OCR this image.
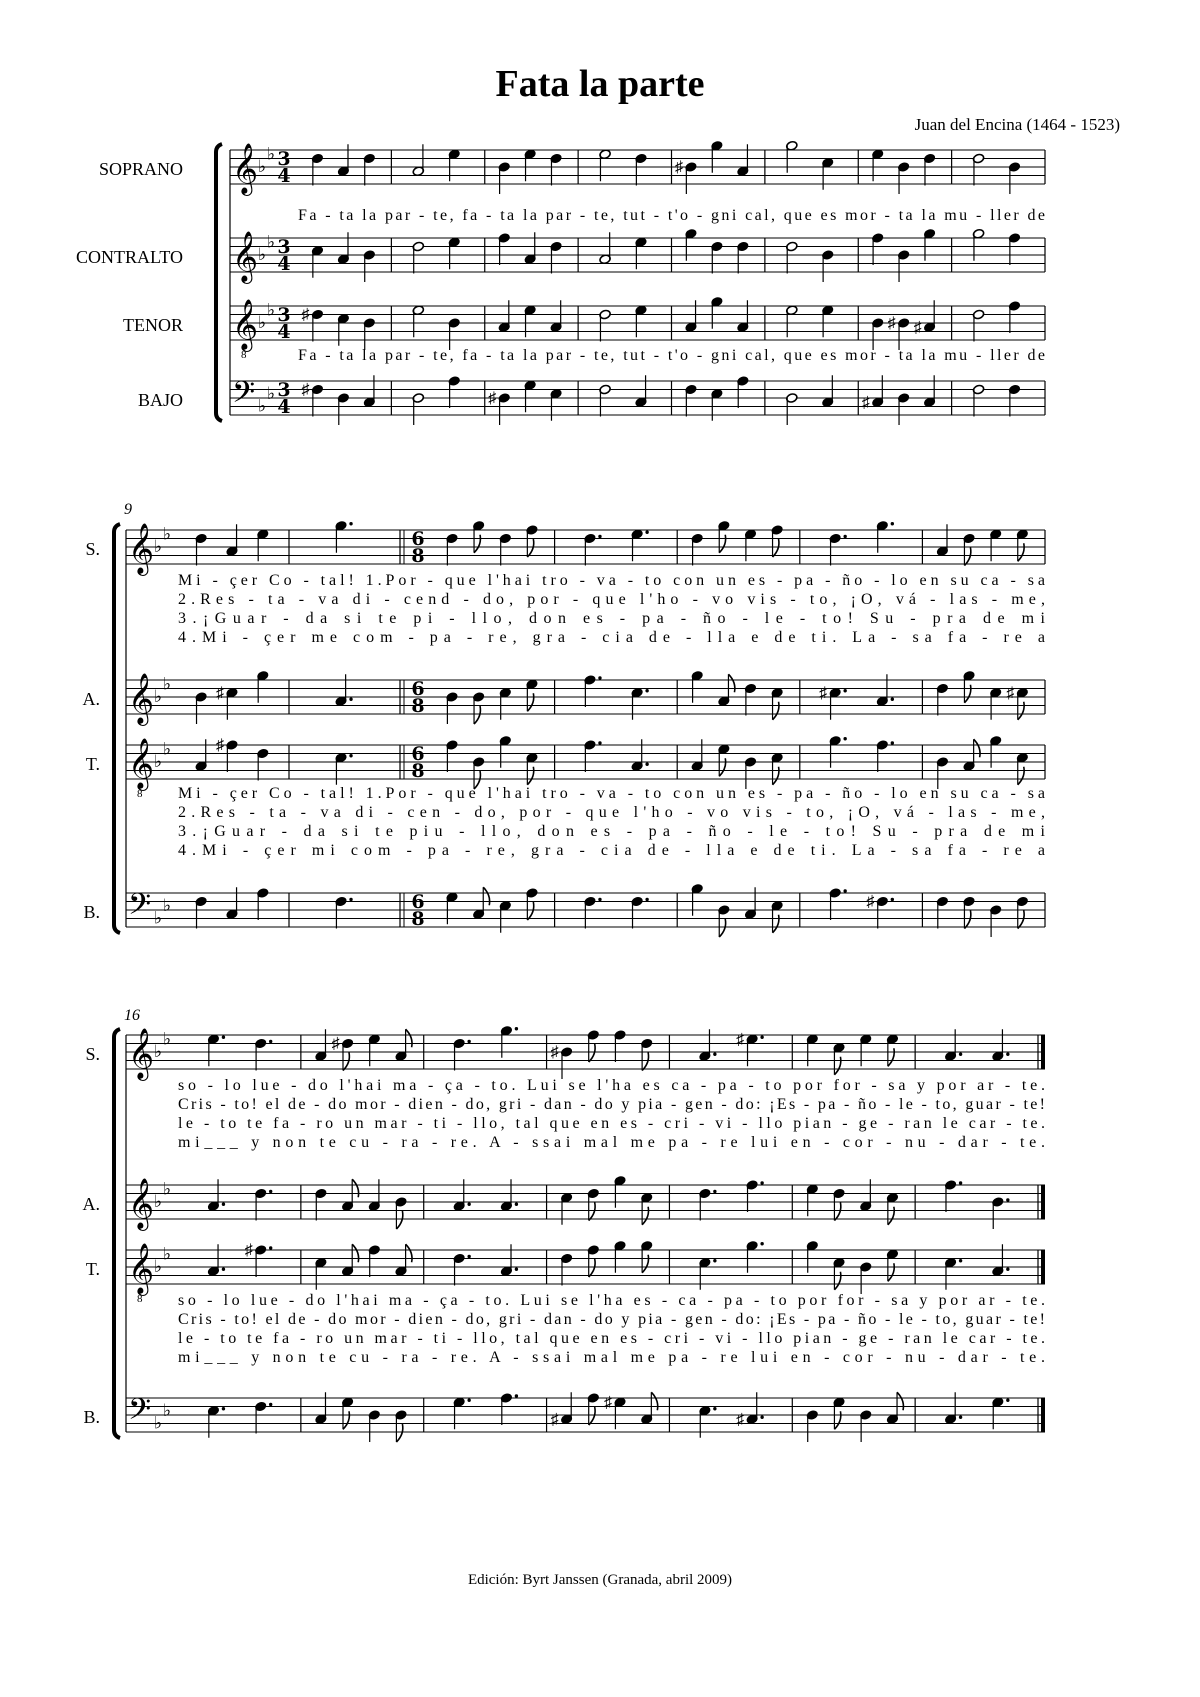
Fata la parte
Juan del Encina (1464 - 1523)
SOPRANO 𝄞 ♭
♭ 3
4	♯
CONTRALTO 𝄞 ♭
♭ 3
4
TENOR 𝄞
8
♭
♭ 3
4
♯	♯ ♯
BAJO 𝄢 ♭
♭ 3
4
♯	♯	♯
Fa - ta la par - te, fa - ta la par - te, tut - t'o - gni cal, que es mor - ta la mu - ller de
Fa - ta la par - te, fa - ta la par - te, tut - t'o - gni cal, que es mor - ta la mu - ller de
9
S. 𝄞 ♭
♭	6
8
A. 𝄞 ♭
♭	♯	6
8
♯	♯
T. 𝄞
8
♭
♭	♯	6
8
B. 𝄢 ♭
♭	6
8
♯
Mi - çer Co - tal! 1.Por - que l'hai tro - va - to con un es - pa - ño - lo en su ca - sa
2.Res - ta - va di - cend - do, por - que l'ho - vo vis - to, ¡O, vá - las - me,
3.¡Guar - da si te pi - llo, don es - pa - ño - le - to! Su - pra de mi
4.Mi - çer me com - pa - re, gra - cia de - lla e de ti. La - sa fa - re a
Mi - çer Co - tal! 1.Por - que l'hai tro - va - to con un es - pa - ño - lo en su ca - sa
2.Res - ta - va di - cen - do, por - que l'ho - vo vis - to, ¡O, vá - las - me,
3.¡Guar - da si te piu - llo, don es - pa - ño - le - to! Su - pra de mi
4.Mi - çer mi com - pa - re, gra - cia de - lla e de ti. La - sa fa - re a
16
S. 𝄞 ♭
♭	♯	♯
♯
A. 𝄞 ♭
♭
T. 𝄞
8
♭
♭	♯
B. 𝄢 ♭
♭	♯
♯
♯
so - lo lue - do l'hai ma - ça - to. Lui se l'ha es ca - pa - to por for - sa y por ar - te.
Cris - to! el de - do mor - dien - do, gri - dan - do y pia - gen - do: ¡Es - pa - ño - le - to, guar - te!
le - to te fa - ro un mar - ti - llo, tal que en es - cri - vi - llo pian - ge - ran le car - te.
mi___ y non te cu - ra - re. A - ssai mal me pa - re lui en - cor - nu - dar - te.
so - lo lue - do l'hai ma - ça - to. Lui se l'ha es - ca - pa - to por for - sa y por ar - te.
Cris - to! el de - do mor - dien - do, gri - dan - do y pia - gen - do: ¡Es - pa - ño - le - to, guar - te!
le - to te fa - ro un mar - ti - llo, tal que en es - cri - vi - llo pian - ge - ran le car - te.
mi___ y non te cu - ra - re. A - ssai mal me pa - re lui en - cor - nu - dar - te.
Edición: Byrt Janssen (Granada, abril 2009)
